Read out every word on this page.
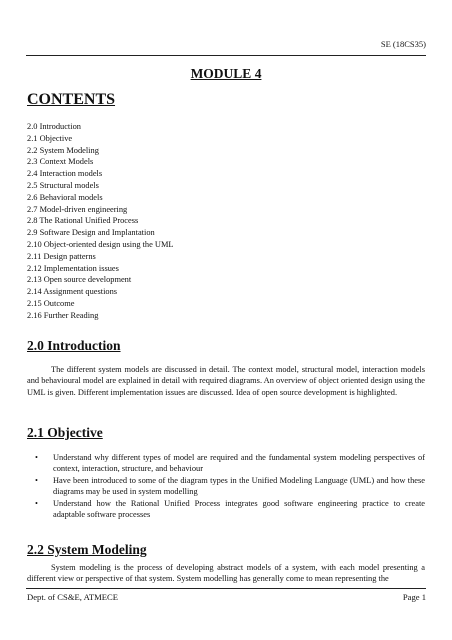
SE (18CS35)
MODULE 4
CONTENTS
2.0 Introduction
2.1 Objective
2.2 System Modeling
2.3 Context Models
2.4 Interaction models
2.5 Structural models
2.6 Behavioral models
2.7 Model-driven engineering
2.8 The Rational Unified Process
2.9 Software Design and Implantation
2.10 Object-oriented design using the UML
2.11 Design patterns
2.12 Implementation issues
2.13 Open source development
2.14 Assignment questions
2.15 Outcome
2.16 Further Reading
2.0 Introduction

The different system models are discussed in detail. The context model, structural model, interaction models and behavioural model are explained in detail with required diagrams. An overview of object oriented design using the UML is given. Different implementation issues are discussed. Idea of open source development is highlighted.

2.1 Objective
• Understand why different types of model are required and the fundamental system modeling perspectives of context, interaction, structure, and behaviour
• Have been introduced to some of the diagram types in the Unified Modeling Language (UML) and how these diagrams may be used in system modelling
• Understand how the Rational Unified Process integrates good software engineering practice to create adaptable software processes
2.2 System Modeling

System modeling is the process of developing abstract models of a system, with each model presenting a different view or perspective of that system. System modelling has generally come to mean representing the

Dept. of CS&E, ATMECE	Page 1
